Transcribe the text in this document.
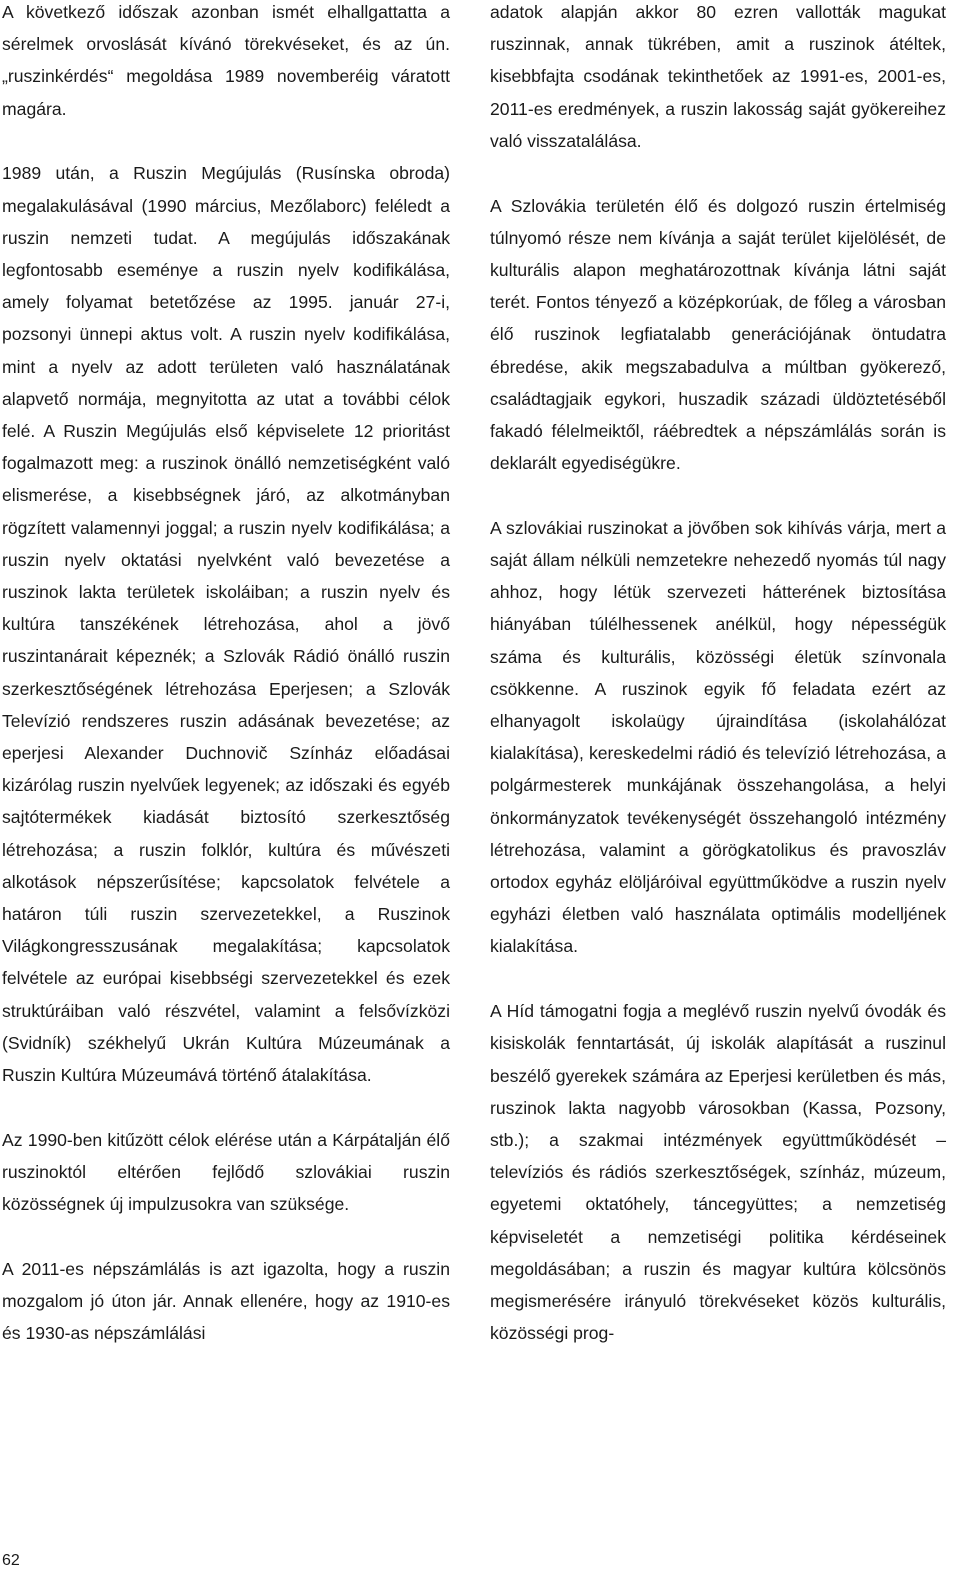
A következő időszak azonban ismét elhallgattatta a sérelmek orvoslását kívánó törekvéseket, és az ún. „ruszinkérdés“ megoldása 1989 novemberéig váratott magára.

1989 után, a Ruszin Megújulás (Rusínska obroda) megalakulásával (1990 március, Mezőlaborc) feléledt a ruszin nemzeti tudat. A megújulás időszakának legfontosabb eseménye a ruszin nyelv kodifikálása, amely folyamat betetőzése az 1995. január 27-i, pozsonyi ünnepi aktus volt. A ruszin nyelv kodifikálása, mint a nyelv az adott területen való használatának alapvető normája, megnyitotta az utat a további célok felé. A Ruszin Megújulás első képviselete 12 prioritást fogalmazott meg: a ruszinok önálló nemzetiségként való elismerése, a kisebbségnek járó, az alkotmányban rögzített valamennyi joggal; a ruszin nyelv kodifikálása; a ruszin nyelv oktatási nyelvként való bevezetése a ruszinok lakta területek iskoláiban; a ruszin nyelv és kultúra tanszékének létrehozása, ahol a jövő ruszintanárait képeznék; a Szlovák Rádió önálló ruszin szerkesztőségének létrehozása Eperjesen; a Szlovák Televízió rendszeres ruszin adásának bevezetése; az eperjesi Alexander Duchnovič Színház előadásai kizárólag ruszin nyelvűek legyenek; az időszaki és egyéb sajtótermékek kiadását biztosító szerkesztőség létrehozása; a ruszin folklór, kultúra és művészeti alkotások népszerűsítése; kapcsolatok felvétele a határon túli ruszin szervezetekkel, a Ruszinok Világkongresszusának megalakítása; kapcsolatok felvétele az európai kisebbségi szervezetekkel és ezek struktúráiban való részvétel, valamint a felsővízközi (Svidník) székhelyű Ukrán Kultúra Múzeumának a Ruszin Kultúra Múzeumává történő átalakítása.

Az 1990-ben kitűzött célok elérése után a Kárpátalján élő ruszinoktól eltérően fejlődő szlovákiai ruszin közösségnek új impulzusokra van szüksége.

A 2011-es népszámlálás is azt igazolta, hogy a ruszin mozgalom jó úton jár. Annak ellenére, hogy az 1910-es és 1930-as népszámlálási

adatok alapján akkor 80 ezren vallották magukat ruszinnak, annak tükrében, amit a ruszinok átéltek, kisebbfajta csodának tekinthetőek az 1991-es, 2001-es, 2011-es eredmények, a ruszin lakosság saját gyökereihez való visszatalálása.

A Szlovákia területén élő és dolgozó ruszin értelmiség túlnyomó része nem kívánja a saját terület kijelölését, de kulturális alapon meghatározottnak kívánja látni saját terét. Fontos tényező a középkorúak, de főleg a városban élő ruszinok legfiatalabb generációjának öntudatra ébredése, akik megszabadulva a múltban gyökerező, családtagjaik egykori, huszadik századi üldöztetéséből fakadó félelmeiktől, ráébredtek a népszámlálás során is deklarált egyediségükre.

A szlovákiai ruszinokat a jövőben sok kihívás várja, mert a saját állam nélküli nemzetekre nehezedő nyomás túl nagy ahhoz, hogy létük szervezeti hátterének biztosítása hiányában túlélhessenek anélkül, hogy népességük száma és kulturális, közösségi életük színvonala csökkenne. A ruszinok egyik fő feladata ezért az elhanyagolt iskolaügy újraindítása (iskolahálózat kialakítása), kereskedelmi rádió és televízió létrehozása, a polgármesterek munkájának összehangolása, a helyi önkormányzatok tevékenységét összehangoló intézmény létrehozása, valamint a görögkatolikus és pravoszláv ortodox egyház elöljáróival együttműködve a ruszin nyelv egyházi életben való használata optimális modelljének kialakítása.

A Híd támogatni fogja a meglévő ruszin nyelvű óvodák és kisiskolák fenntartását, új iskolák alapítását a ruszinul beszélő gyerekek számára az Eperjesi kerületben és más, ruszinok lakta nagyobb városokban (Kassa, Pozsony, stb.); a szakmai intézmények együttműködését – televíziós és rádiós szerkesztőségek, színház, múzeum, egyetemi oktatóhely, táncegyüttes; a nemzetiség képviseletét a nemzetiségi politika kérdéseinek megoldásában; a ruszin és magyar kultúra kölcsönös megismerésére irányuló törekvéseket közös kulturális, közösségi prog-

62
